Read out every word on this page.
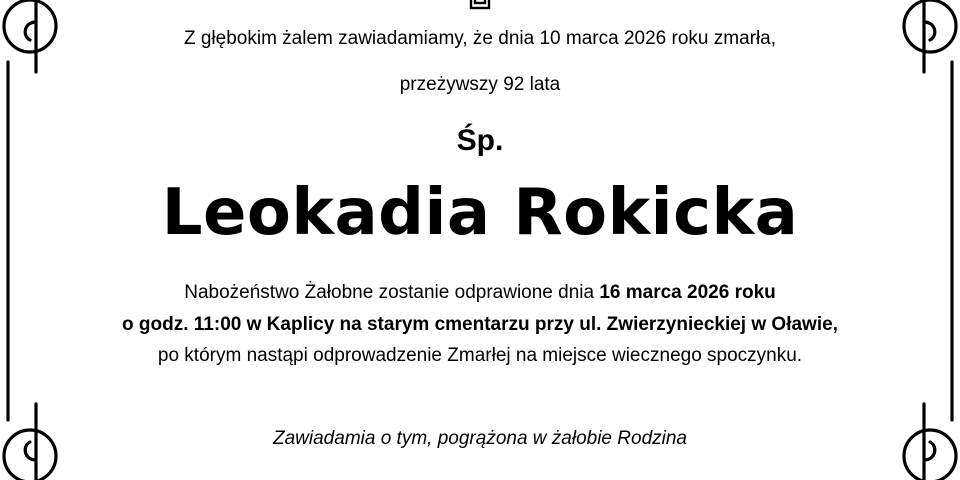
Z głębokim żalem zawiadamiamy, że dnia 10 marca 2026 roku zmarła,
przeżywszy 92 lata
Śp.
Leokadia Rokicka
Nabożeństwo Żałobne zostanie odprawione dnia 16 marca 2026 roku
o godz. 11:00 w Kaplicy na starym cmentarzu przy ul. Zwierzynieckiej w Oławie,
po którym nastąpi odprowadzenie Zmarłej na miejsce wiecznego spoczynku.
Zawiadamia o tym, pogrążona w żałobie Rodzina
